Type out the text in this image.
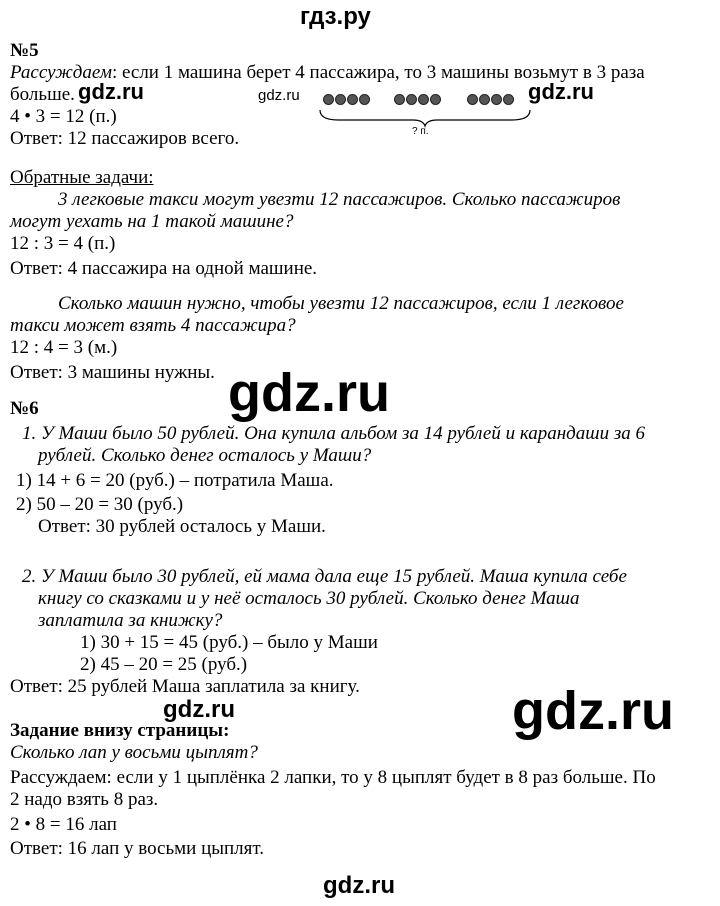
гдз.ру
gdz.ru	gdz.ru	gdz.ru
gdz.ru
gdz.ru	gdz.ru
gdz.ru
? п.
№5
Рассуждаем: если 1 машина берет 4 пассажира, то 3 машины возьмут в 3 раза
больше.
4 • 3 = 12 (п.)
Ответ: 12 пассажиров всего.
Обратные задачи:
3 легковые такси могут увезти 12 пассажиров. Сколько пассажиров
могут уехать на 1 такой машине?
12 : 3 = 4 (п.)
Ответ: 4 пассажира на одной машине.
Сколько машин нужно, чтобы увезти 12 пассажиров, если 1 легковое
такси может взять 4 пассажира?
12 : 4 = 3 (м.)
Ответ: 3 машины нужны.
№6
1. У Маши было 50 рублей. Она купила альбом за 14 рублей и карандаши за 6
рублей. Сколько денег осталось у Маши?
1) 14 + 6 = 20 (руб.) – потратила Маша.
2) 50 – 20 = 30 (руб.)
Ответ: 30 рублей осталось у Маши.
2. У Маши было 30 рублей, ей мама дала еще 15 рублей. Маша купила себе
книгу со сказками и у неё осталось 30 рублей. Сколько денег Маша
заплатила за книжку?
1) 30 + 15 = 45 (руб.) – было у Маши
2) 45 – 20 = 25 (руб.)
Ответ: 25 рублей Маша заплатила за книгу.
Задание внизу страницы:
Сколько лап у восьми цыплят?
Рассуждаем: если у 1 цыплёнка 2 лапки, то у 8 цыплят будет в 8 раз больше. По
2 надо взять 8 раз.
2 • 8 = 16 лап
Ответ: 16 лап у восьми цыплят.
